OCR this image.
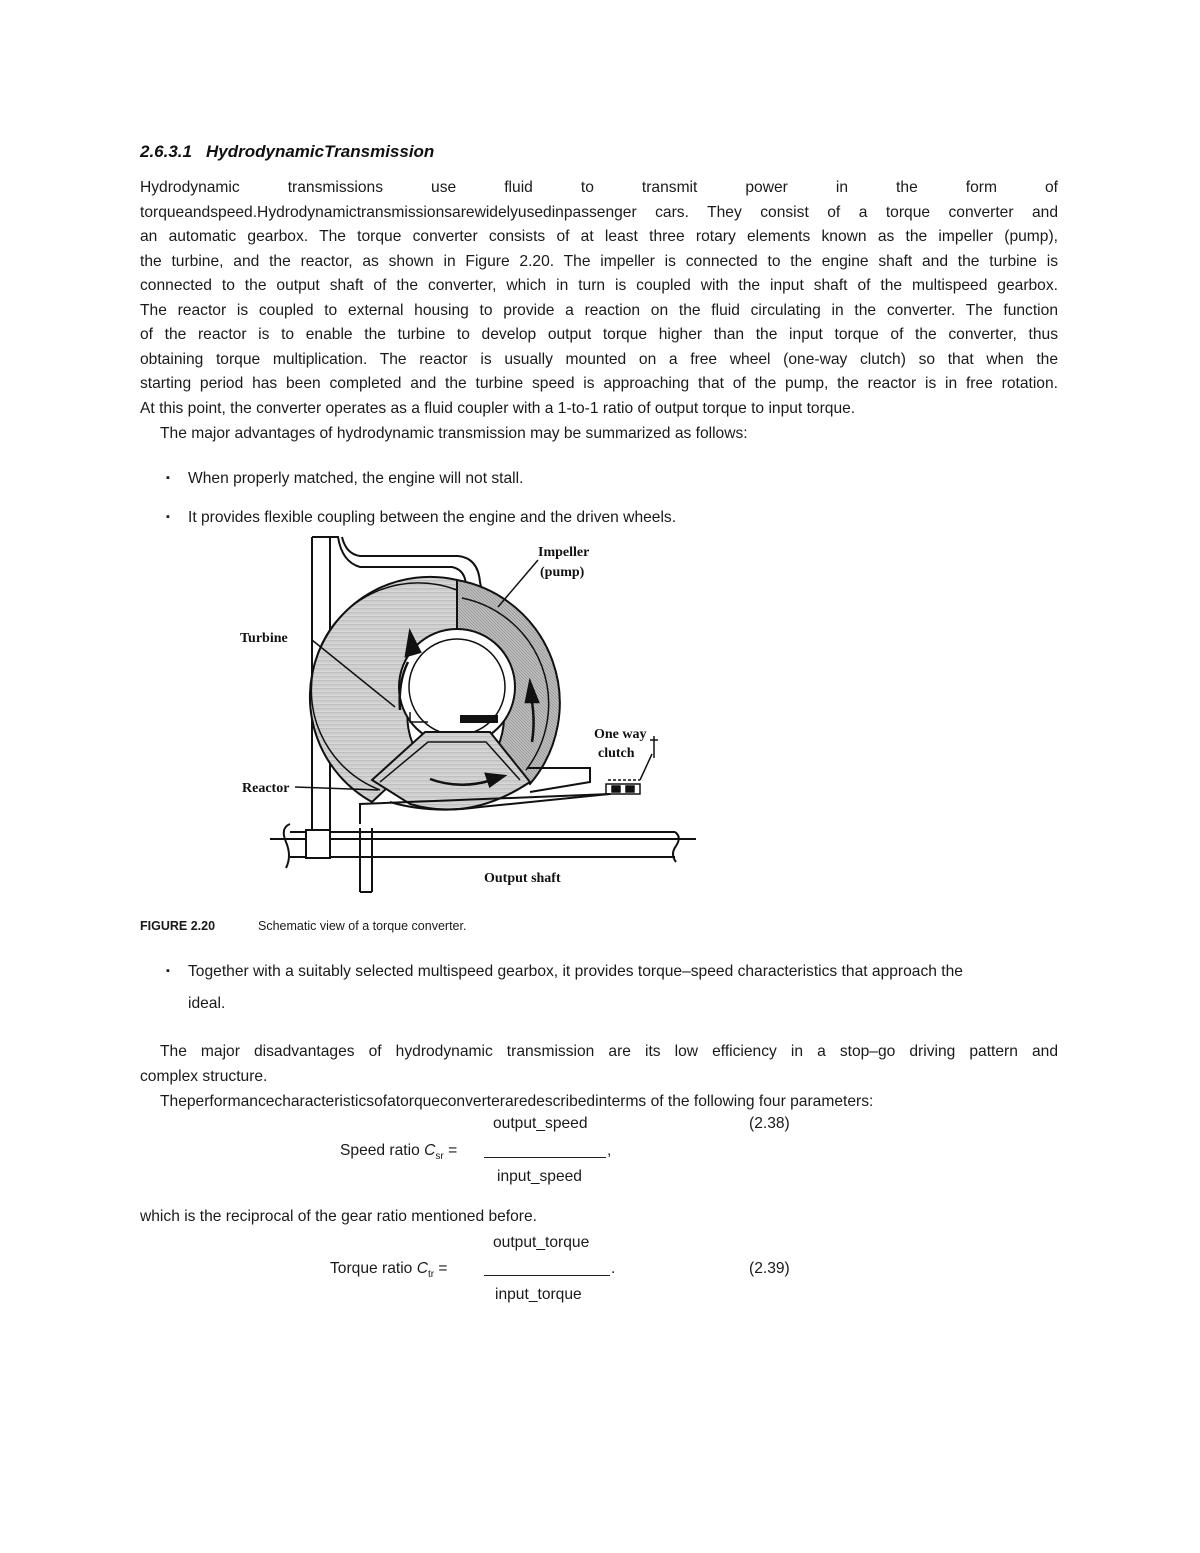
2.6.3.1 HydrodynamicTransmission
Hydrodynamic transmissions use fluid to transmit power in the form of
torqueandspeed.Hydrodynamictransmissionsarewidelyusedinpassenger cars. They consist of a torque converter and
an automatic gearbox. The torque converter consists of at least three rotary elements known as the impeller (pump),
the turbine, and the reactor, as shown in Figure 2.20. The impeller is connected to the engine shaft and the turbine is
connected to the output shaft of the converter, which in turn is coupled with the input shaft of the multispeed gearbox.
The reactor is coupled to external housing to provide a reaction on the fluid circulating in the converter. The function
of the reactor is to enable the turbine to develop output torque higher than the input torque of the converter, thus
obtaining torque multiplication. The reactor is usually mounted on a free wheel (one-way clutch) so that when the
starting period has been completed and the turbine speed is approaching that of the pump, the reactor is in free rotation.
At this point, the converter operates as a fluid coupler with a 1-to-1 ratio of output torque to input torque.
The major advantages of hydrodynamic transmission may be summarized as follows:
▪ When properly matched, the engine will not stall.
▪ It provides flexible coupling between the engine and the driven wheels.
Impeller
(pump)
Turbine
One way
clutch
Reactor
Output shaft
FIGURE 2.20	Schematic view of a torque converter.
▪ Together with a suitably selected multispeed gearbox, it provides torque–speed characteristics that approach the
ideal.
The major disadvantages of hydrodynamic transmission are its low efficiency in a stop–go driving pattern and
complex structure.
Theperformancecharacteristicsofatorqueconverteraredescribedinterms of the following four parameters:
output_speed	(2.38)
Speed ratio $C_{sr}$ =	,
input_speed
which is the reciprocal of the gear ratio mentioned before.
output_torque
Torque ratio $C_{tr}$ =	.	(2.39)
input_torque
